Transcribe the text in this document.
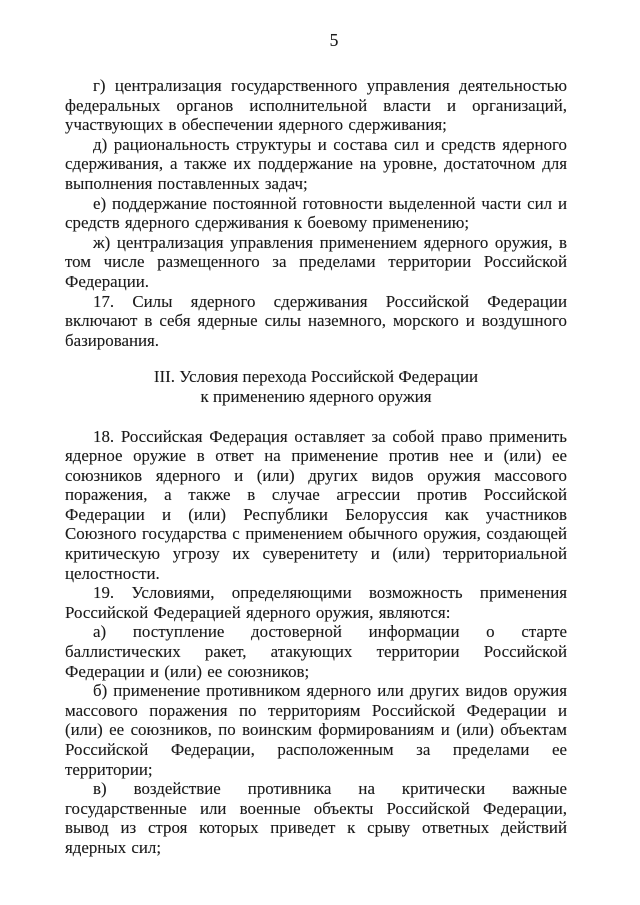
5

г) централизация государственного управления деятельностью федеральных органов исполнительной власти и организаций, участвующих в обеспечении ядерного сдерживания;

д) рациональность структуры и состава сил и средств ядерного сдерживания, а также их поддержание на уровне, достаточном для выполнения поставленных задач;

е) поддержание постоянной готовности выделенной части сил и средств ядерного сдерживания к боевому применению;

ж) централизация управления применением ядерного оружия, в том числе размещенного за пределами территории Российской Федерации.

17. Силы ядерного сдерживания Российской Федерации включают в себя ядерные силы наземного, морского и воздушного базирования.

III. Условия перехода Российской Федерации
к применению ядерного оружия

18. Российская Федерация оставляет за собой право применить ядерное оружие в ответ на применение против нее и (или) ее союзников ядерного и (или) других видов оружия массового поражения, а также в случае агрессии против Российской Федерации и (или) Республики Белоруссия как участников Союзного государства с применением обычного оружия, создающей критическую угрозу их суверенитету и (или) территориальной целостности.

19. Условиями, определяющими возможность применения Российской Федерацией ядерного оружия, являются:

а) поступление достоверной информации о старте баллистических ракет, атакующих территории Российской Федерации и (или) ее союзников;

б) применение противником ядерного или других видов оружия массового поражения по территориям Российской Федерации и (или) ее союзников, по воинским формированиям и (или) объектам Российской Федерации, расположенным за пределами ее территории;

в) воздействие противника на критически важные государственные или военные объекты Российской Федерации, вывод из строя которых приведет к срыву ответных действий ядерных сил;
